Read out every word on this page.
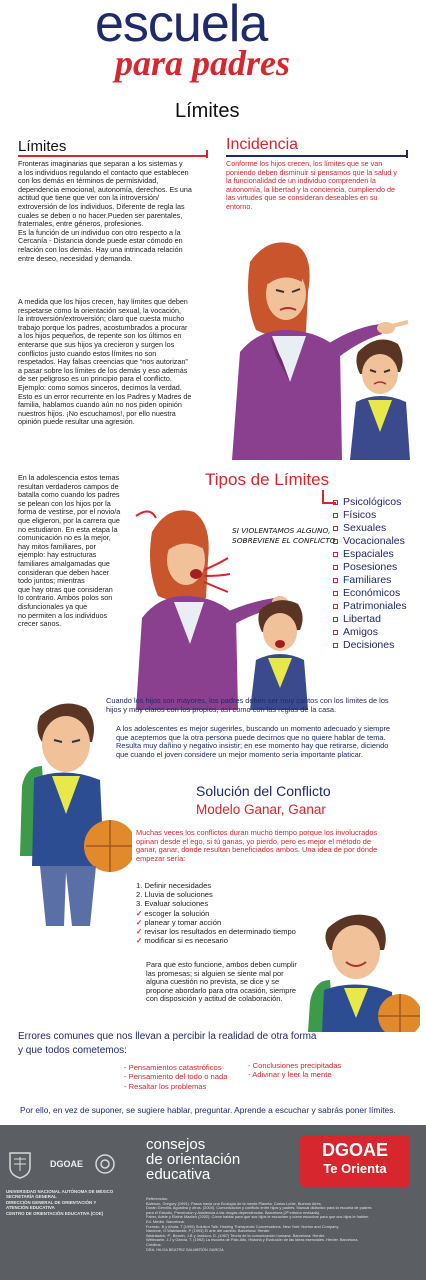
escuela
para padres
Límites
Límites
Fronteras imaginarias que separan a los sistemas y
a los individuos regulando el contacto que establecen
con los demás en términos de permisividad,
dependencia emocional, autonomía, derechos. Es una
actitud que tiene que ver con la introversión/
extroversión de los individuos. Diferente de regla las
cuales se deben o no hacer.Pueden ser parentales,
fraternales, entre géneros, profesiones.
Es la función de un individuo con otro respecto a la
Cercanía - Distancia donde puede estar cómodo en
relación con los demás. Hay una intrincada relación
entre deseo, necesidad y demanda.
A medida que los hijos crecen, hay límites que deben
respetarse como la orientación sexual, la vocación,
la introversión/extroversión; claro que cuesta mucho
trabajo porque los padres, acostumbrados a procurar
a los hijos pequeños, de repente son los últimos en
enterarse que sus hijos ya crecieron y surgen los
conflictos justo cuando estos límites no son
respetados. Hay falsas creencias que “nos autorizan”
a pasar sobre los límites de los demás y eso además
de ser peligroso es un principio para el conflicto.
Ejemplo: como somos sinceros, decimos la verdad.
Esto es un error recurrente en los Padres y Madres de
familia, hablamos cuando aún no nos piden opinión
nuestros hijos. ¡No escuchamos!, por ello nuestra
opinión puede resultar una agresión.
En la adolescencia estos temas
resultan verdaderos campos de
batalla como cuando los padres
se pelean con los hijos por la
forma de vestirse, por el novio/a
que eligieron, por la carrera que
no estudiaron. En esta etapa la
comunicación no es la mejor,
hay mitos familiares, por
ejemplo: hay estructuras
familiares amalgamadas que
consideran que deben hacer
todo juntos; mientras
que hay otras que consideran
lo contrario. Ambos polos son
disfuncionales ya que
no permiten a los individuos
crecer sanos.
Incidencia
Conforme los hijos crecen, los límites que se van
poniendo deben disminuir si pensamos que la salud y
la funcionalidad de un individuo comprenden la
autonomía, la libertad y la conciencia, cumpliendo de
las virtudes que se consideran deseables en su
entorno.
Tipos de Límites
Psicológicos
Físicos
Sexuales
Vocacionales
Espaciales
Posesiones
Familiares
Económicos
Patrimoniales
Libertad
Amigos
Decisiones
SI VIOLENTAMOS ALGUNO,
SOBREVIENE EL CONFLICTO
Cuando los hijos son mayores, los padres deben ser muy cautos con los límites de los
hijos y muy claros con los propios, así como con las reglas de la casa.
A los adolescentes es mejor sugerirles, buscando un momento adecuado y siempre
que aceptemos que la otra persona puede decirnos que no quiere hablar de tema.
Resulta muy dañino y negativo insistir; en ese momento hay que retirarse, diciendo
que cuando el joven considere un mejor momento sería importante platicar.
Solución del Conflicto
Modelo Ganar, Ganar
Muchas veces los conflictos duran mucho tiempo porque los involucrados
opinan desde el ego, si tú ganas, yo pierdo, pero es mejor el método de
ganar, ganar, donde resultan beneficiados ambos. Una idea de por dónde
empezar sería:
1. Definir necesidades
2. Lluvia de soluciones
3. Evaluar soluciones
✓ escoger la solución
✓ planear y tomar acción
✓ revisar los resultados en determinado tiempo
✓ modificar si es necesario
Para que esto funcione, ambos deben cumplir
las promesas; si alguien se siente mal por
alguna cuestión no prevista, se dice y se
propone abordarlo para otra ocasión, siempre
con disposición y actitud de colaboración.
Errores comunes que nos llevan a percibir la realidad de otra forma
y que todos cometemos:
- Pensamientos catastróficos
- Pensamiento del todo o nada
- Resaltar los problemas
- Conclusiones precipitadas
- Adivinar y leer la mente
Por ello, en vez de suponer, se sugiere hablar, preguntar. Aprende a escuchar y sabrás poner límites.
DGOAE
UNIVERSIDAD NACIONAL AUTÓNOMA DE MÉXICO
SECRETARÍA GENERAL
DIRECCIÓN GENERAL DE ORIENTACIÓN Y
ATENCIÓN EDUCATIVA
CENTRO DE ORIENTACIÓN EDUCATIVA (COE)
consejos
de orientación
educativa
DGOAE
Te Orienta
Referencias:
Bateson, Gregory (1991). Pasos hacia una Ecología de la mente.Planeta. Carlos Lohle, Buenos Aires.
Durán Gervilla, Agustina y otros. (2004). Comunicación y conflicto entre hijos y padres. Manual didáctico para la escuela de padres
para el Estudio, Prevención y Asistencia a las drogas dependencias. Barcelona (2ª edición revisada).
Faber, Adele y Elaine Mazlish (2002). Cómo hablar para que sus hijos le escuchen y cómo escuchar para que sus hijos le hablen.
Ed. Medici. Barcelona.
Furman, B y Ahola, T (1995) Solution Talk: Hosting Therapeutic Conversations. New York: Norton and Company.
Nardone, G.Watzlawick, P (1993) El arte del cambio. Barcelona: Herder.
Watzlawick, P., Beavin, J.B y Jackson, D. (1967) Teoría de la comunicación humana. Barcelona: Herder.
Wittezaele, J.J y García, T. (1992) La escuela de Palo Alto. Historia y Evolución de las ideas esenciales. Herder. Barcelona.
Créditos:
DRA. HILDA BEATRIZ SALMERÓN GARCÍA
